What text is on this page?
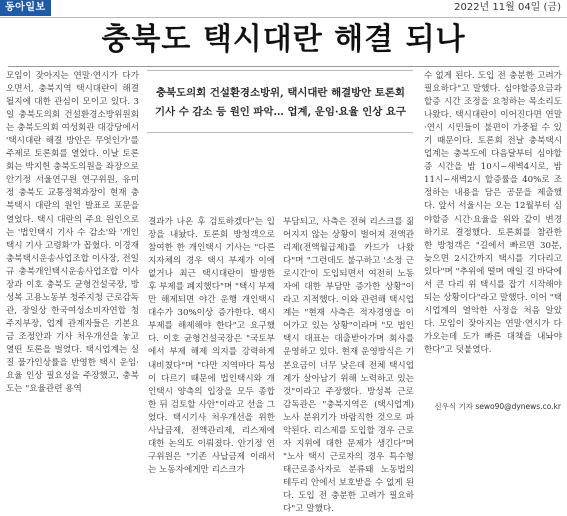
동아일보	2022년 11월 04일 (금)
충북도 택시대란 해결 되나

모임이 잦아지는 연말·연시가 다가오면서, 충북지역 택시대란이 해결될지에 대한 관심이 모이고 있다. 3일 충북도의회 건설환경소방위원회는 충북도의회 여성회관 대강당에서 '택시대란 해결 방안은 무엇인가'를 주제로 토론회를 열었다. 이날 토론회는 박지헌 충북도의원을 좌장으로 안기정 서울연구원 연구위원, 유미정 충북도 교통정책과장이 현재 충북택시 대란의 원인 발표로 포문을 열었다. 택시 대란의 주요 원인으로는 '법인택시 기사 수 감소'와 '개인택시 기사 고령화'가 꼽혔다. 이경재 충북택시운송사업조합 이사장, 전일규 충북개인택시운송사업조합 이사장과 이호 충북도 균형건설국장, 방성복 고용노동부 청주지청 근로감독관, 장일상 한국여성소비자연합 청주지부장, 업계 관계자들은 기본요금 조정안과 기사 처우개선을 놓고 열띤 토론을 벌였다. 택시업계는 실질 물가인상률을 반영한 택시 운임·요율 인상 필요성을 주장했고, 충북도는 "요율관련 용역

충북도의회 건설환경소방위, 택시대란 해결방안 토론회
기사 수 감소 등 원인 파악… 업계, 운임·요율 인상 요구

결과가 나온 후 검토하겠다"는 입장을 내놨다. 토론회 방청객으로 참여한 한 개인택시 기사는 "다른 지자체의 경우 택시 부제가 이에 없거나 최근 택시대란이 발생한 후 부제를 폐지했다"며 "택시 부제만 해제되면 야간 운행 개인택시 대수가 30%이상 증가한다. 택시부제를 해제해야 한다"고 요구했다. 이호 균형건설국장은 "국토부에서 부제 해제 의지를 강력하게 내비쳤다"며 "다만 지역마다 특성이 다르기 때문에 법인택시와 개인택시 양측의 입장을 모두 종합한 뒤 검토할 사안"이라고 선을 그었다. 택시기사 처우개선을 위한 사납금제, 전액관리제, 리스제에 대한 논의도 이뤄졌다. 안기정 연구위원은 "기존 사납금제 이래서는 노동자에게만 리스크가

부담되고, 사측은 전혀 리스크를 짊어지지 않는 상황이 벌어져 전액관리제(전액월급제)를 카드가 나왔다"며 "그런데도 불구하고 '소정 근로시간'이 도입되면서 여전히 노동자에 대한 부담만 증가한 상황"이라고 지적했다. 이와 관련해 택시업계는 "현재 사측은 적자경영을 이어가고 있는 상황"이라며 "모 법인택시 대표는 대출받아가며 회사를 운영하고 있다. 현재 운영방식은 기본요금이 너무 낮은데 전체 택시업계가 살아남기 위해 노력하고 있는 것"이라고 주장했다. 방성복 근로감독관은 "충북지역은 (택시업계)노사 분위기가 바람직한 것으로 파악된다. 리스제를 도입할 경우 근로자 지위에 대한 문제가 생긴다"며 "노사 택시 근로자의 경우 특수형태근로종사자로 분류돼 노동법의 테두리 안에서 보호받을 수 없게 된다. 도입 전 충분한 고려가 필요하다"고 말했다.

수 없게 된다. 도입 전 충분한 고려가 필요하다"고 말했다. 심야할증요금과 할증 시간 조정을 요청하는 목소리도 나왔다. 택시대란이 이어진다면 연말·연시 시민들이 불편이 가중될 수 있기 때문이다. 토론회 전날 충북택시업계는 충북도에 다음달부터 심야할증 시간을 밤 10시~새벽4시로, 밤 11시~새벽2시 할증률을 40%로 조정하는 내용을 담은 공문을 제출했다. 앞서 서울시는 오는 12월부터 심야할증 시간·요율을 위와 같이 변경하기로 결정했다. 토론회를 참관한 한 방청객은 "길에서 빠르면 30분, 늦으면 2시간까지 택시를 기다리고 있다"며 "추위에 떨며 매일 길 바닥에서 큰 다리 위 택시를 잡기 시작해야 되는 상황이다"라고 말했다. 이어 "택시업계의 열악한 사정을 처음 알았다. 모임이 잦아지는 연말·연시가 다가오는데 도가 빠른 대책을 내놔야 한다"고 덧붙였다.

신우식 기자 sewo90@dynews.co.kr
